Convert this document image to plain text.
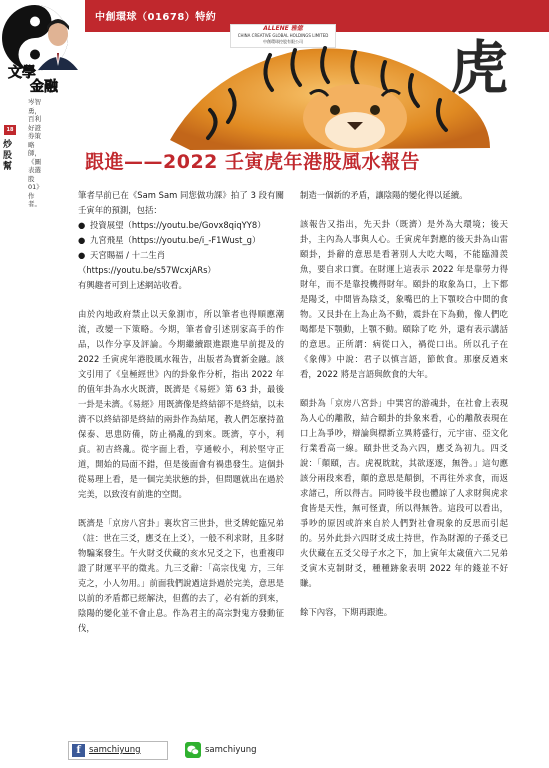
中創環球（01678）特約
ALLENE 雅億
CHINA CREATIVE GLOBAL HOLDINGS LIMITED
中創環球控股有限公司
文學
金融
18
炒股幫
岑智勇，百利好證券策略師，《圖表選股01》作者。
虎
跟進——2022 壬寅虎年港股風水報告

筆者早前已在《Sam Sam 同您做功課》拍了 3 段有關壬寅年的預測，包括：

● 投資展望（https://youtu.be/Govx8qiqYY8）
● 九宮飛星（https://youtu.be/i_-F1Wust_g）
● 天宮賜福 / 十二生肖

（https://youtu.be/s57WcxjARs）

有興趣者可到上述網站收看。

由於內地政府禁止以天象測市，所以筆者也得順應潮流，改變一下策略。今期，筆者會引述別家高手的作品，以作分享及評論。今期繼續跟進跟進早前提及的 2022 壬寅虎年港股風水報告，出版者為寶新金融。該文引用了《皇極經世》內的卦象作分析，指出 2022 年的值年卦為水火既濟，既濟是《易經》第 63 卦，最後一卦是未濟。《易經》用既濟像是終結卻不是終結，以未濟不以終結卻是終結的兩卦作為結尾，教人們怎麼持盈保泰、思患防備，防止禍亂的到來。既濟，亨小，利貞。初吉終亂。從字面上看，亨通較小，利於堅守正道，開始的局面不錯，但是後面會有禍患發生。這個卦從易理上看，是一個完美狀態的卦，但問題就出在過於完美，以致沒有前進的空間。

既濟是「京房八宮卦」裏坎宮三世卦，世爻牌蛇臨兄弟（註：世在三爻，應爻在上爻），一般不利求財，且多財物騙案發生。午火財爻伏藏的亥水兄爻之下，也重複印證了財運平平的徵兆。九三爻辭：「高宗伐鬼 方，三年克之，小人勿用。」前面我們說過這卦過於完美，意思是以前的矛盾都已經解決，但舊的去了，必有新的到來，陰陽的變化並不會止息。作為君主的高宗對鬼方發動征伐，

制造一個新的矛盾，讓陰陽的變化得以延續。

該報告又指出，先天卦（既濟）是外為大環境；後天卦，主內為人事與人心。壬寅虎年對應的後天卦為山雷頤卦，卦辭的意思是看著別人大吃大喝，不能臨淵羨魚，要自求口實。在財運上這表示 2022 年是靠勞力得財年，而不是靠投機得財年。頤卦的取象為口，上下都是陽爻，中間皆為陰爻，象嘴巴的上下顎咬合中間的食物。又艮卦在上為止為不動，震卦在下為動，像人們吃喝都是下顎動，上顎不動。頤除了吃 外，還有表示講話的意思。正所謂：病從口入，禍從口出。所以孔子在《象傳》中說：君子以慎言語，節飲食。那麼反過來看，2022 將是言語與飲食的大年。

頤卦為「京房八宮卦」中巽宮的游魂卦，在社會上表現為人心的離散，結合頤卦的卦象來看，心的離散表現在口上為爭吵，辯論與標新立異將盛行，元宇宙、亞文化行業看高一線。頤卦世爻為六四，應爻為初九。四爻說：「顛頤，吉。虎視眈眈，其欲逐逐，無咎。」這句應該分兩段來看，顛的意思是顛倒，不再往外求食，而返求諸己，所以得吉。同時後半段也體諒了人求財與虎求食皆是天性，無可怪責，所以得無咎。這段可以看出，爭吵的原因或許來自於人們對社會現象的反思而引起的。另外此卦六四財爻成土持世，作為財源的子孫爻已火伏藏在五爻父母子水之下，加上寅年太歲值六二兄弟爻寅木克制財爻，種種跡象表明 2022 年的錢並不好賺。

餘下內容，下期再跟進。

f samchiyung	samchiyung
